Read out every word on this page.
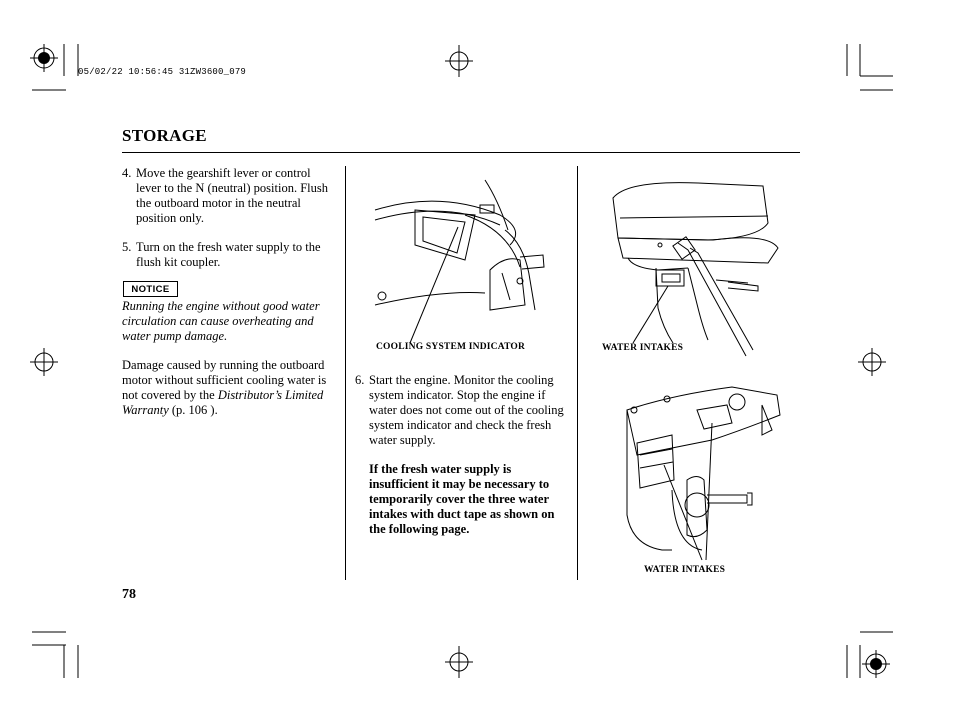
05/02/22 10:56:45 31ZW3600_079
STORAGE
4. Move the gearshift lever or control lever to the N (neutral) position. Flush the outboard motor in the neutral position only.
5. Turn on the fresh water supply to the flush kit coupler.
NOTICE
Running the engine without good water circulation can cause overheating and water pump damage.
Damage caused by running the outboard motor without sufficient cooling water is not covered by the Distributor’s Limited Warranty (p. 106 ).
78
COOLING SYSTEM INDICATOR
6. Start the engine. Monitor the cooling system indicator. Stop the engine if water does not come out of the cooling system indicator and check the fresh water supply.
If the fresh water supply is insufficient it may be necessary to temporarily cover the three water intakes with duct tape as shown on the following page.
WATER INTAKES
WATER INTAKES
